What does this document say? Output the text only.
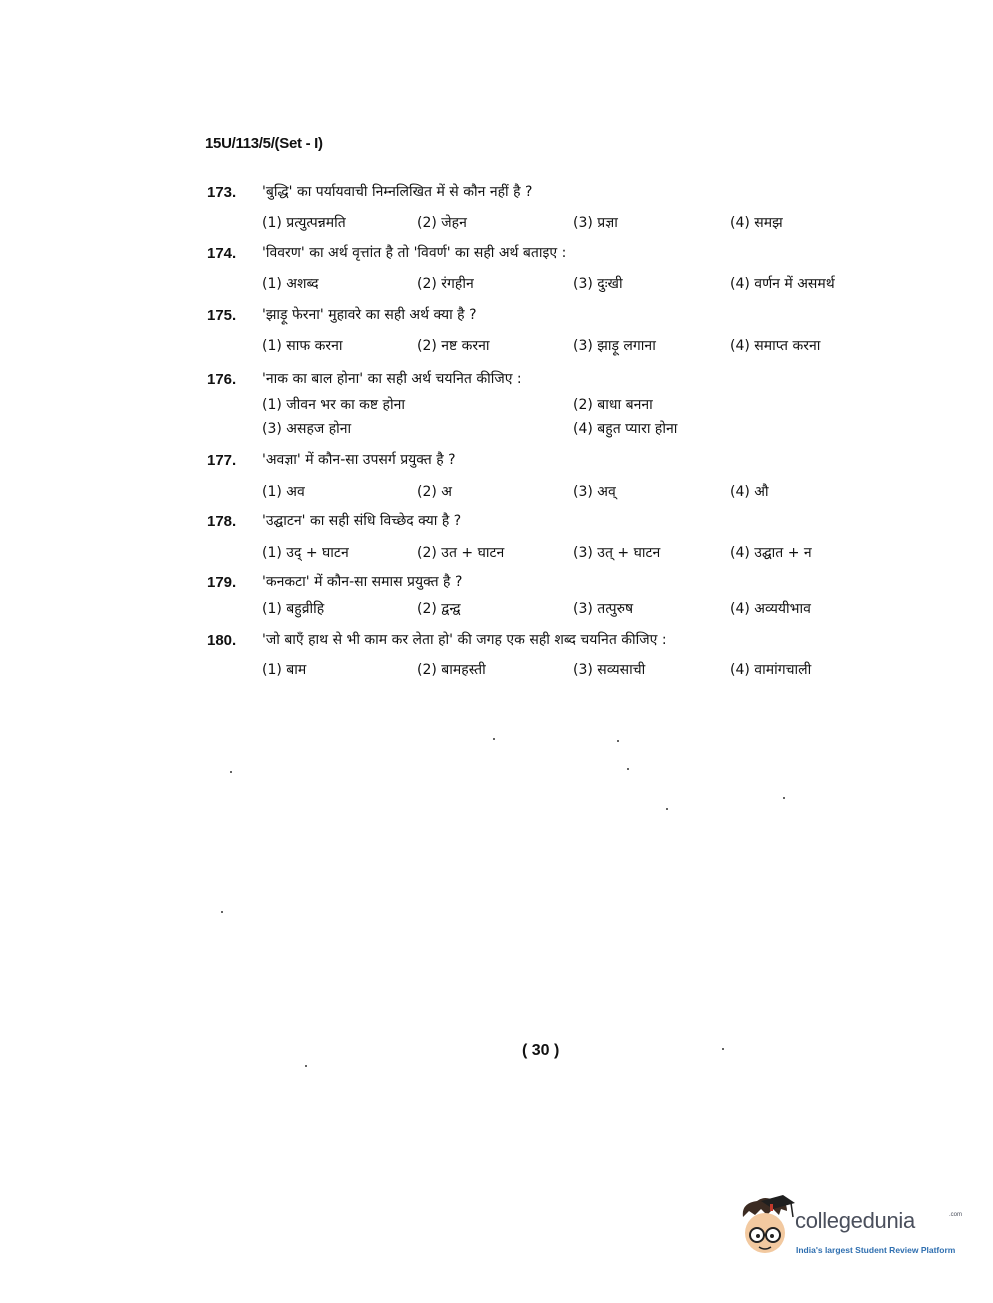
15U/113/5/(Set - I)
173. 'बुद्धि' का पर्यायवाची निम्नलिखित में से कौन नहीं है ?
(1) प्रत्युत्पन्नमति	(2) जेहन	(3) प्रज्ञा	(4) समझ
174. 'विवरण' का अर्थ वृत्तांत है तो 'विवर्ण' का सही अर्थ बताइए :
(1) अशब्द	(2) रंगहीन	(3) दुःखी	(4) वर्णन में असमर्थ
175. 'झाड़ू फेरना' मुहावरे का सही अर्थ क्या है ?
(1) साफ करना	(2) नष्ट करना	(3) झाड़ू लगाना	(4) समाप्त करना
176. 'नाक का बाल होना' का सही अर्थ चयनित कीजिए :
(1) जीवन भर का कष्ट होना	(2) बाधा बनना
(3) असहज होना	(4) बहुत प्यारा होना
177. 'अवज्ञा' में कौन-सा उपसर्ग प्रयुक्त है ?
(1) अव	(2) अ	(3) अव्	(4) औ
178. 'उद्घाटन' का सही संधि विच्छेद क्या है ?
(1) उद् + घाटन	(2) उत + घाटन	(3) उत् + घाटन	(4) उद्घात + न
179. 'कनकटा' में कौन-सा समास प्रयुक्त है ?
(1) बहुव्रीहि	(2) द्वन्द्व	(3) तत्पुरुष	(4) अव्ययीभाव
180. 'जो बाएँ हाथ से भी काम कर लेता हो' की जगह एक सही शब्द चयनित कीजिए :
(1) बाम	(2) बामहस्ती	(3) सव्यसाची	(4) वामांगचाली
( 30 )
collegedunia	.com
India's largest Student Review Platform
